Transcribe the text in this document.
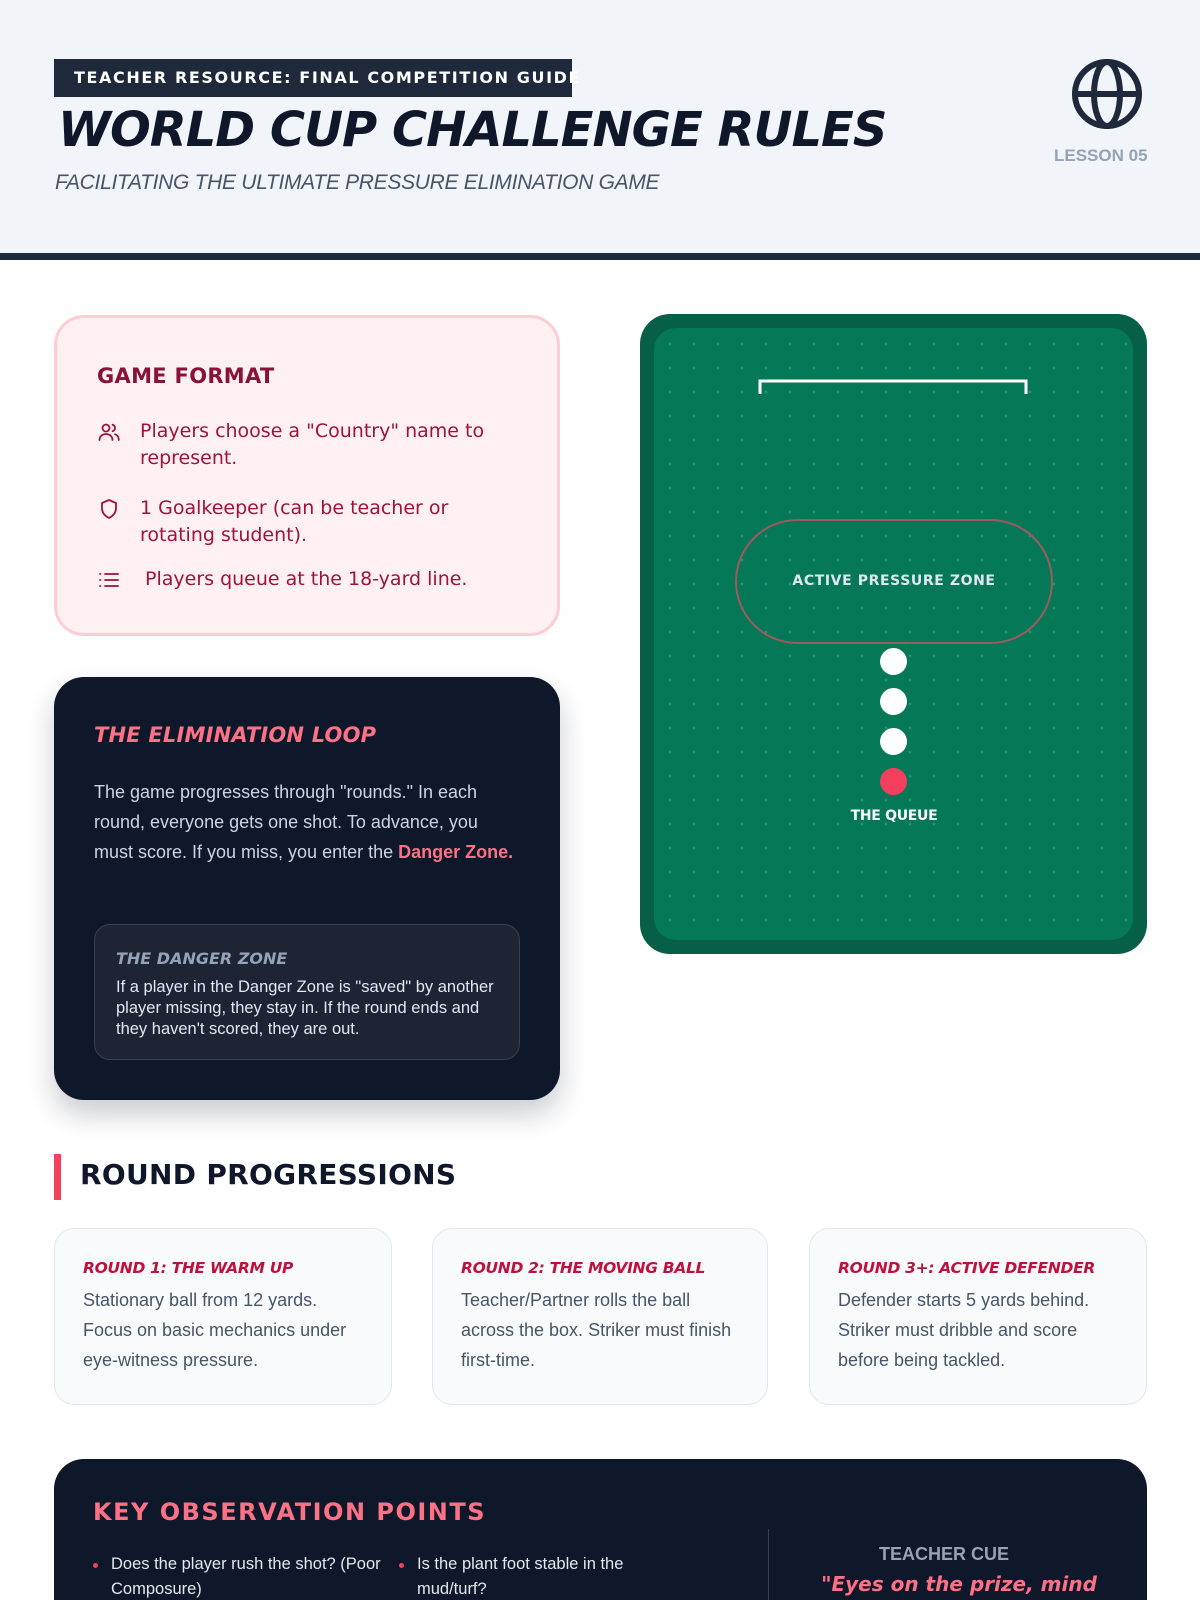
TEACHER RESOURCE: FINAL COMPETITION GUIDE
WORLD CUP CHALLENGE RULES
FACILITATING THE ULTIMATE PRESSURE ELIMINATION GAME
LESSON 05
GAME FORMAT
Players choose a "Country" name to represent.
1 Goalkeeper (can be teacher or rotating student).
Players queue at the 18-yard line.
THE ELIMINATION LOOP

The game progresses through "rounds." In each round, everyone gets one shot. To advance, you must score. If you miss, you enter the Danger Zone.

THE DANGER ZONE
If a player in the Danger Zone is "saved" by another player missing, they stay in. If the round ends and they haven't scored, they are out.
ACTIVE PRESSURE ZONE
THE QUEUE
ROUND PROGRESSIONS
ROUND 1: THE WARM UP
Stationary ball from 12 yards. Focus on basic mechanics under eye-witness pressure.
ROUND 2: THE MOVING BALL
Teacher/Partner rolls the ball across the box. Striker must finish first-time.
ROUND 3+: ACTIVE DEFENDER
Defender starts 5 yards behind. Striker must dribble and score before being tackled.
KEY OBSERVATION POINTS
Does the player rush the shot? (Poor Composure)
Is the plant foot stable in the mud/turf?
TEACHER CUE
"Eyes on the prize, mind
